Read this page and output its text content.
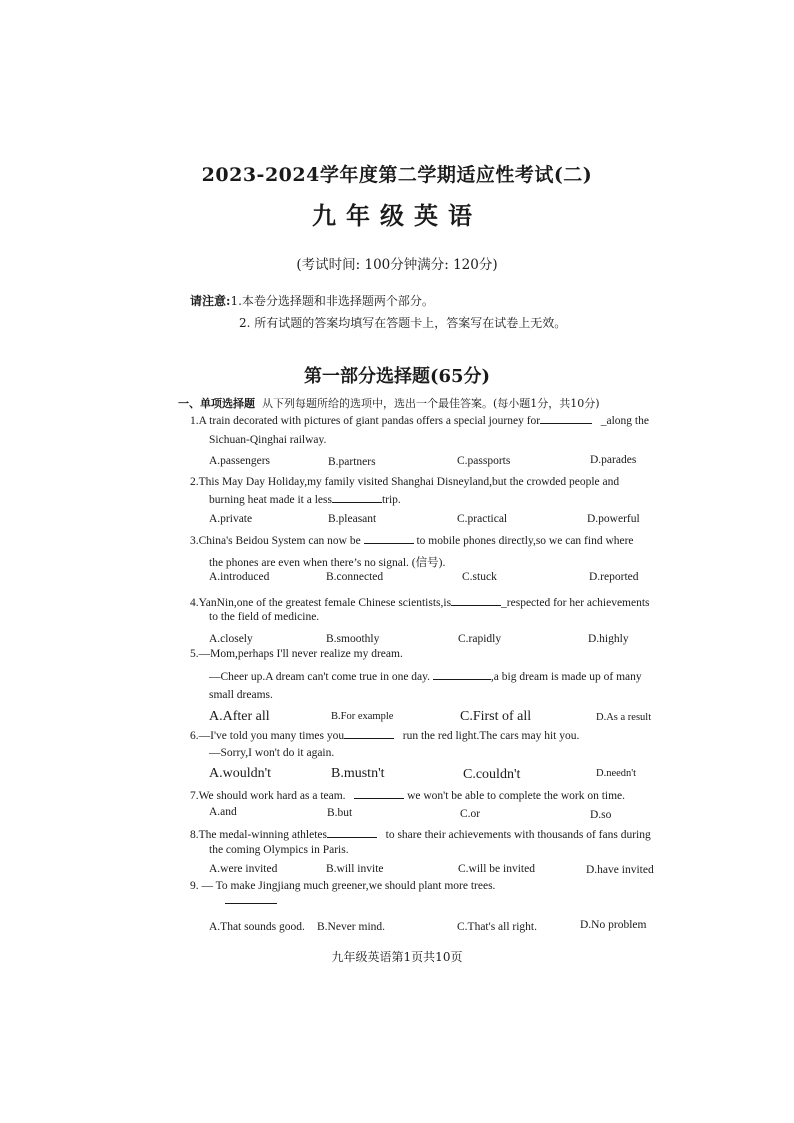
2023-2024学年度第二学期适应性考试(二)
九年级英语
(考试时间: 100分钟满分: 120分)
请注意:1.本卷分选择题和非选择题两个部分。
2. 所有试题的答案均填写在答题卡上，答案写在试卷上无效。
第一部分选择题(65分)
一、单项选择题 从下列每题所给的选项中，选出一个最佳答案。(每小题1分，共10分)
1.A train decorated with pictures of giant pandas offers a special journey for	_along the
Sichuan-Qinghai railway.
A.passengers	B.partners	C.passports	D.parades
2.This May Day Holiday,my family visited Shanghai Disneyland,but the crowded people and
burning heat made it a less	trip.
A.private	B.pleasant	C.practical	D.powerful
3.China's Beidou System can now be	to mobile phones directly,so we can find where
the phones are even when there’s no signal. (信号).
A.introduced	B.connected	C.stuck	D.reported
4.YanNin,one of the greatest female Chinese scientists,is	_respected for her achievements
to the field of medicine.
A.closely	B.smoothly	C.rapidly	D.highly
5.—Mom,perhaps I'll never realize my dream.
—Cheer up.A dream can't come true in one day.	,a big dream is made up of many
small dreams.
A.After all	B.For example	C.First of all	D.As a result
6.—I've told you many times you	run the red light.The cars may hit you.
—Sorry,I won't do it again.
A.wouldn't	B.mustn't	C.couldn't	D.needn't
7.We should work hard as a team.	we won't be able to complete the work on time.
A.and	B.but	C.or	D.so
8.The medal-winning athletes	to share their achievements with thousands of fans during
the coming Olympics in Paris.
A.were invited	B.will invite	C.will be invited	D.have invited
9. — To make Jingjiang much greener,we should plant more trees.
A.That sounds good. B.Never mind.	C.That's all right.	D.No problem
九年级英语第1页共10页
